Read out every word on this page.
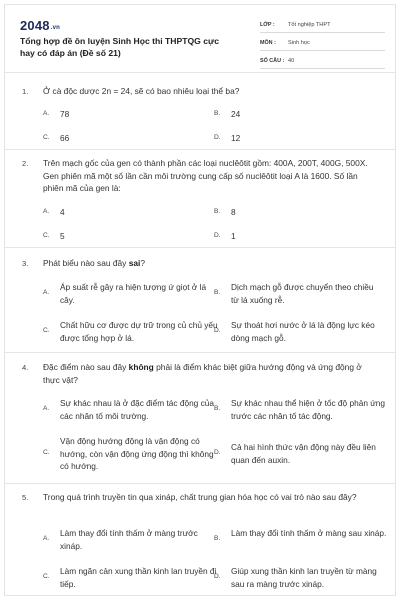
2048.vn
Tổng hợp đề ôn luyện Sinh Học thi THPTQG cực hay có đáp án (Đề số 21)
LỚP :	Tốt nghiệp THPT
MÔN :	Sinh học
SỐ CÂU : 40
1. Ở cà độc dược 2n = 24, sẽ có bao nhiêu loại thể ba?
A. 78	B. 24
C. 66	D. 12
2. Trên mạch gốc của gen có thành phần các loại nuclêôtit gồm: 400A, 200T, 400G, 500X. Gen phiên mã một số lần cần môi trường cung cấp số nuclêôtit loại A là 1600. Số lần phiên mã của gen là:
A. 4	B. 8
C. 5	D. 1
3. Phát biểu nào sau đây sai?
A.
Áp suất rễ gây ra hiện tượng ứ giọt ở lá cây.
B.
Dịch mạch gỗ được chuyển theo chiều từ lá xuống rễ.
C.
Chất hữu cơ được dự trữ trong củ chủ yếu được tổng hợp ở lá.
D.
Sự thoát hơi nước ở lá là động lực kéo dòng mạch gỗ.
4. Đặc điểm nào sau đây không phải là điểm khác biệt giữa hướng động và ứng động ở thực vật?
A.
Sự khác nhau là ở đặc điểm tác động của các nhân tố môi trường.
B.
Sự khác nhau thể hiện ở tốc độ phản ứng trước các nhân tố tác động.
C.
Vận động hướng động là vận động có hướng, còn vận động ứng động thì không có hướng.
D.
Cả hai hình thức vận động này đều liên quan đến auxin.
5. Trong quá trình truyền tin qua xináp, chất trung gian hóa học có vai trò nào sau đây?
A.
Làm thay đổi tính thấm ở màng trước xináp.
B.
Làm thay đổi tính thấm ở màng sau xináp.
C.
Làm ngăn cản xung thần kinh lan truyền đi tiếp.
D.
Giúp xung thần kinh lan truyền từ màng sau ra màng trước xináp.
